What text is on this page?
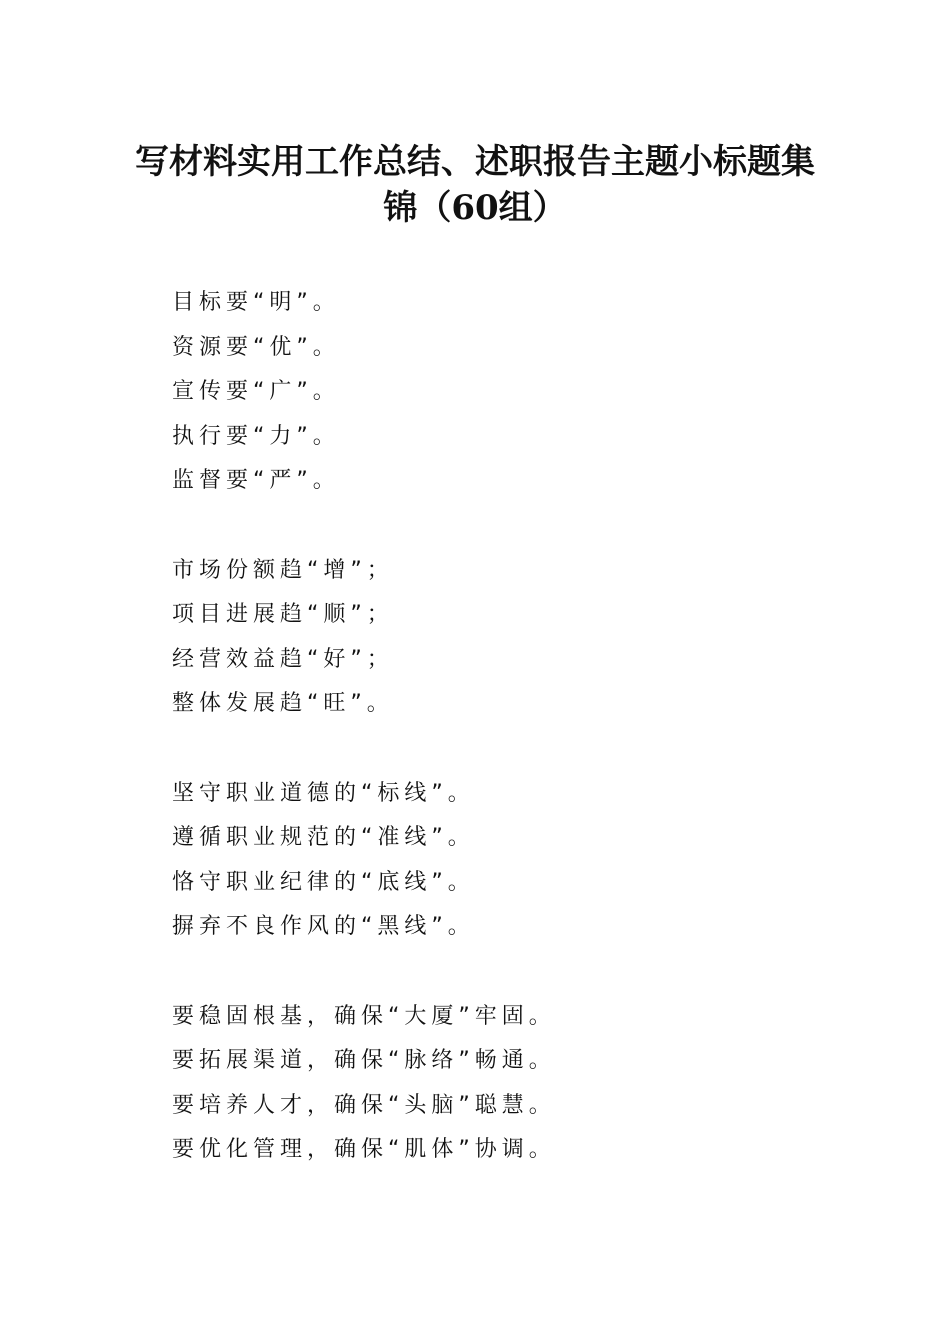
写材料实用工作总结、述职报告主题小标题集
锦（60组）
目标要“明”。
资源要“优”。
宣传要“广”。
执行要“力”。
监督要“严”。
市场份额趋“增”；
项目进展趋“顺”；
经营效益趋“好”；
整体发展趋“旺”。
坚守职业道德的“标线”。
遵循职业规范的“准线”。
恪守职业纪律的“底线”。
摒弃不良作风的“黑线”。
要稳固根基，确保“大厦”牢固。
要拓展渠道，确保“脉络”畅通。
要培养人才，确保“头脑”聪慧。
要优化管理，确保“肌体”协调。
